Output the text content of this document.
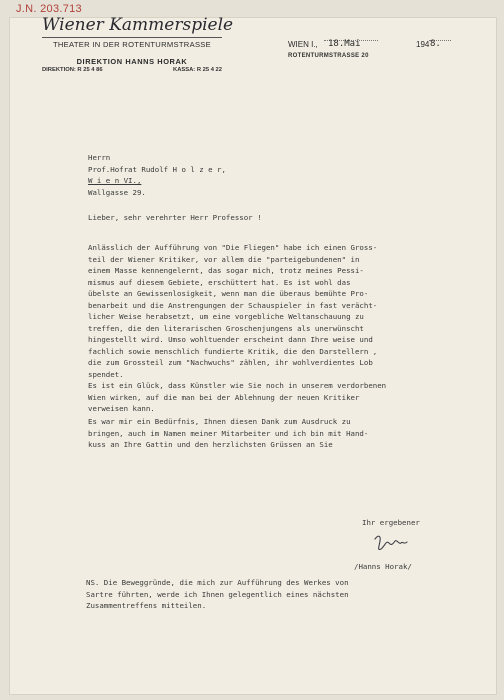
J.N. 203.713
Wiener Kammerspiele
THEATER IN DER ROTENTURMSTRASSE
DIREKTION HANNS HORAK
DIREKTION: R 25 4 86	KASSA: R 25 4 22
WIEN I., 18.Mai	194 8.
ROTENTURMSTRASSE 20
Herrn
Prof.Hofrat Rudolf H o l z e r,
W i e n VI.,
Wallgasse 29.
Lieber, sehr verehrter Herr Professor !
Anlässlich der Aufführung von "Die Fliegen" habe ich einen Gross-
teil der Wiener Kritiker, vor allem die "parteigebundenen" in
einem Masse kennengelernt, das sogar mich, trotz meines Pessi-
mismus auf diesem Gebiete, erschüttert hat. Es ist wohl das
übelste an Gewissenlosigkeit, wenn man die überaus bemühte Pro-
benarbeit und die Anstrengungen der Schauspieler in fast verächt-
licher Weise herabsetzt, um eine vorgebliche Weltanschauung zu
treffen, die den literarischen Groschenjungens als unerwünscht
hingestellt wird. Umso wohltuender erscheint dann Ihre weise und
fachlich sowie menschlich fundierte Kritik, die den Darstellern ,
die zum Grossteil zum "Nachwuchs" zählen, ihr wohlverdientes Lob
spendet.
Es ist ein Glück, dass Künstler wie Sie noch in unserem verdorbenen
Wien wirken, auf die man bei der Ablehnung der neuen Kritiker
verweisen kann.
Es war mir ein Bedürfnis, Ihnen diesen Dank zum Ausdruck zu
bringen, auch im Namen meiner Mitarbeiter und ich bin mit Hand-
kuss an Ihre Gattin und den herzlichsten Grüssen an Sie
Ihr ergebener
/Hanns Horak/
NS. Die Beweggründe, die mich zur Aufführung des Werkes von
Sartre führten, werde ich Ihnen gelegentlich eines nächsten
Zusammentreffens mitteilen.
